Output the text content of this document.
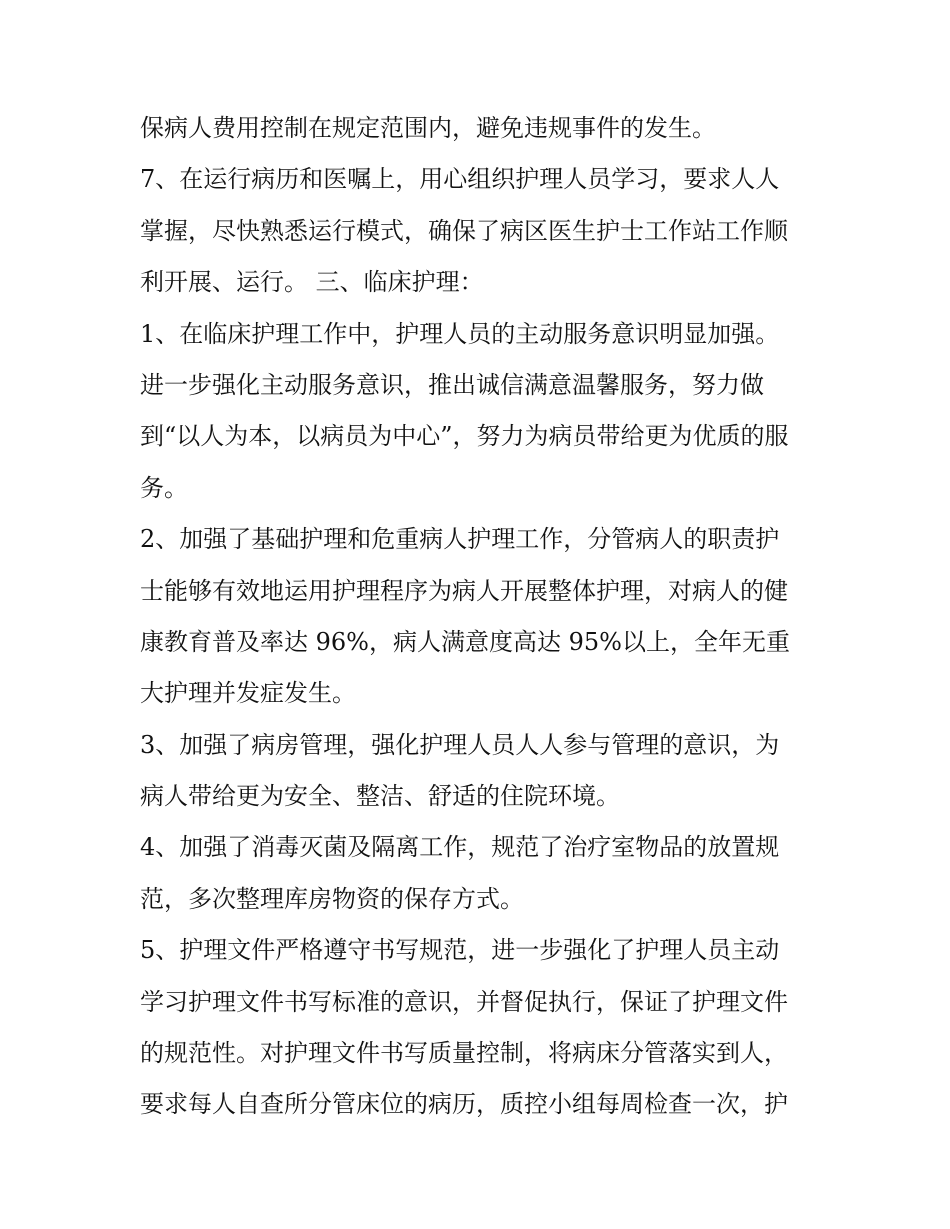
保病人费用控制在规定范围内，避免违规事件的发生。

7、在运行病历和医嘱上，用心组织护理人员学习，要求人人

掌握，尽快熟悉运行模式，确保了病区医生护士工作站工作顺

利开展、运行。 三、临床护理：

1、在临床护理工作中，护理人员的主动服务意识明显加强。

进一步强化主动服务意识，推出诚信满意温馨服务，努力做

到“以人为本，以病员为中心”，努力为病员带给更为优质的服

务。

2、加强了基础护理和危重病人护理工作，分管病人的职责护

士能够有效地运用护理程序为病人开展整体护理，对病人的健

康教育普及率达 96%，病人满意度高达 95%以上，全年无重

大护理并发症发生。

3、加强了病房管理，强化护理人员人人参与管理的意识，为

病人带给更为安全、整洁、舒适的住院环境。

4、加强了消毒灭菌及隔离工作，规范了治疗室物品的放置规

范，多次整理库房物资的保存方式。

5、护理文件严格遵守书写规范，进一步强化了护理人员主动

学习护理文件书写标准的意识，并督促执行，保证了护理文件

的规范性。对护理文件书写质量控制，将病床分管落实到人，

要求每人自查所分管床位的病历，质控小组每周检查一次，护
